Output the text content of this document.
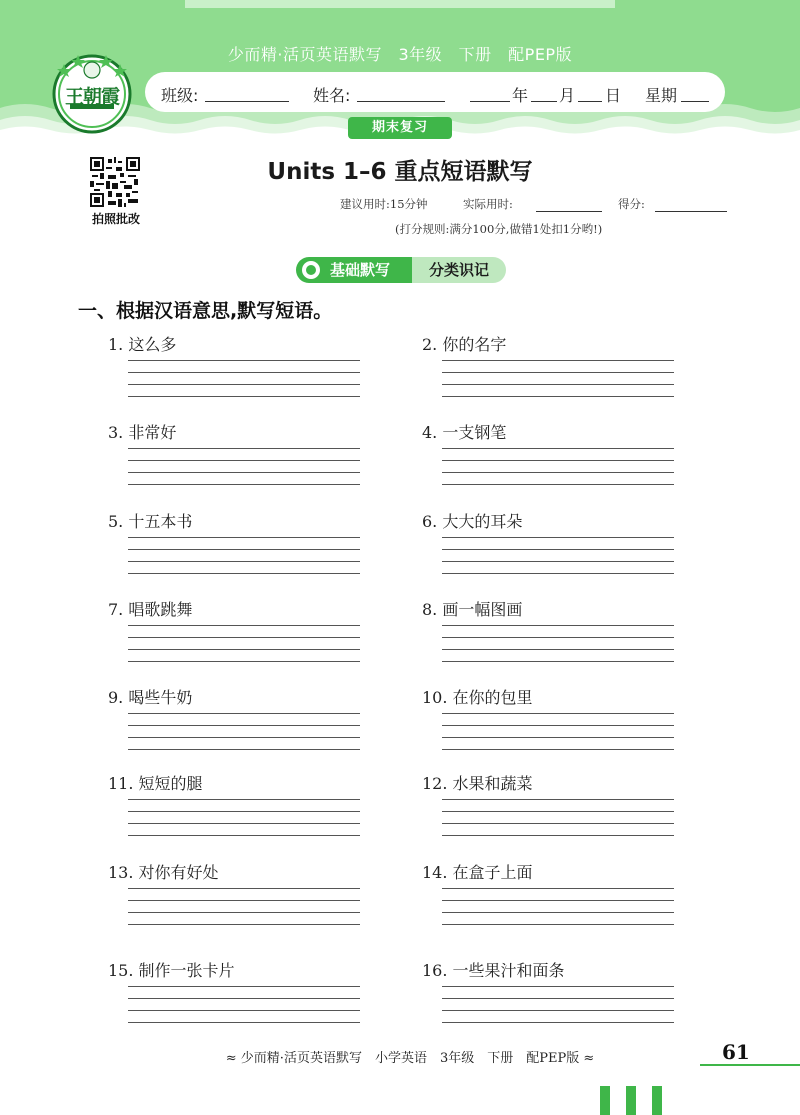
少而精·活页英语默写　3年级　下册　配PEP版
班级:	姓名:	年 月 日 星期
期末复习
王朝霞
拍照批改
Units 1–6 重点短语默写
建议用时:15分钟	实际用时:	得分:
(打分规则:满分100分,做错1处扣1分哟!)
基础默写	分类识记
一、根据汉语意思,默写短语。
1. 这么多	2. 你的名字
3. 非常好	4. 一支钢笔
5. 十五本书	6. 大大的耳朵
7. 唱歌跳舞	8. 画一幅图画
9. 喝些牛奶	10. 在你的包里
11. 短短的腿	12. 水果和蔬菜
13. 对你有好处	14. 在盒子上面
15. 制作一张卡片	16. 一些果汁和面条
≈ 少而精·活页英语默写　小学英语　3年级　下册　配PEP版 ≈	61
